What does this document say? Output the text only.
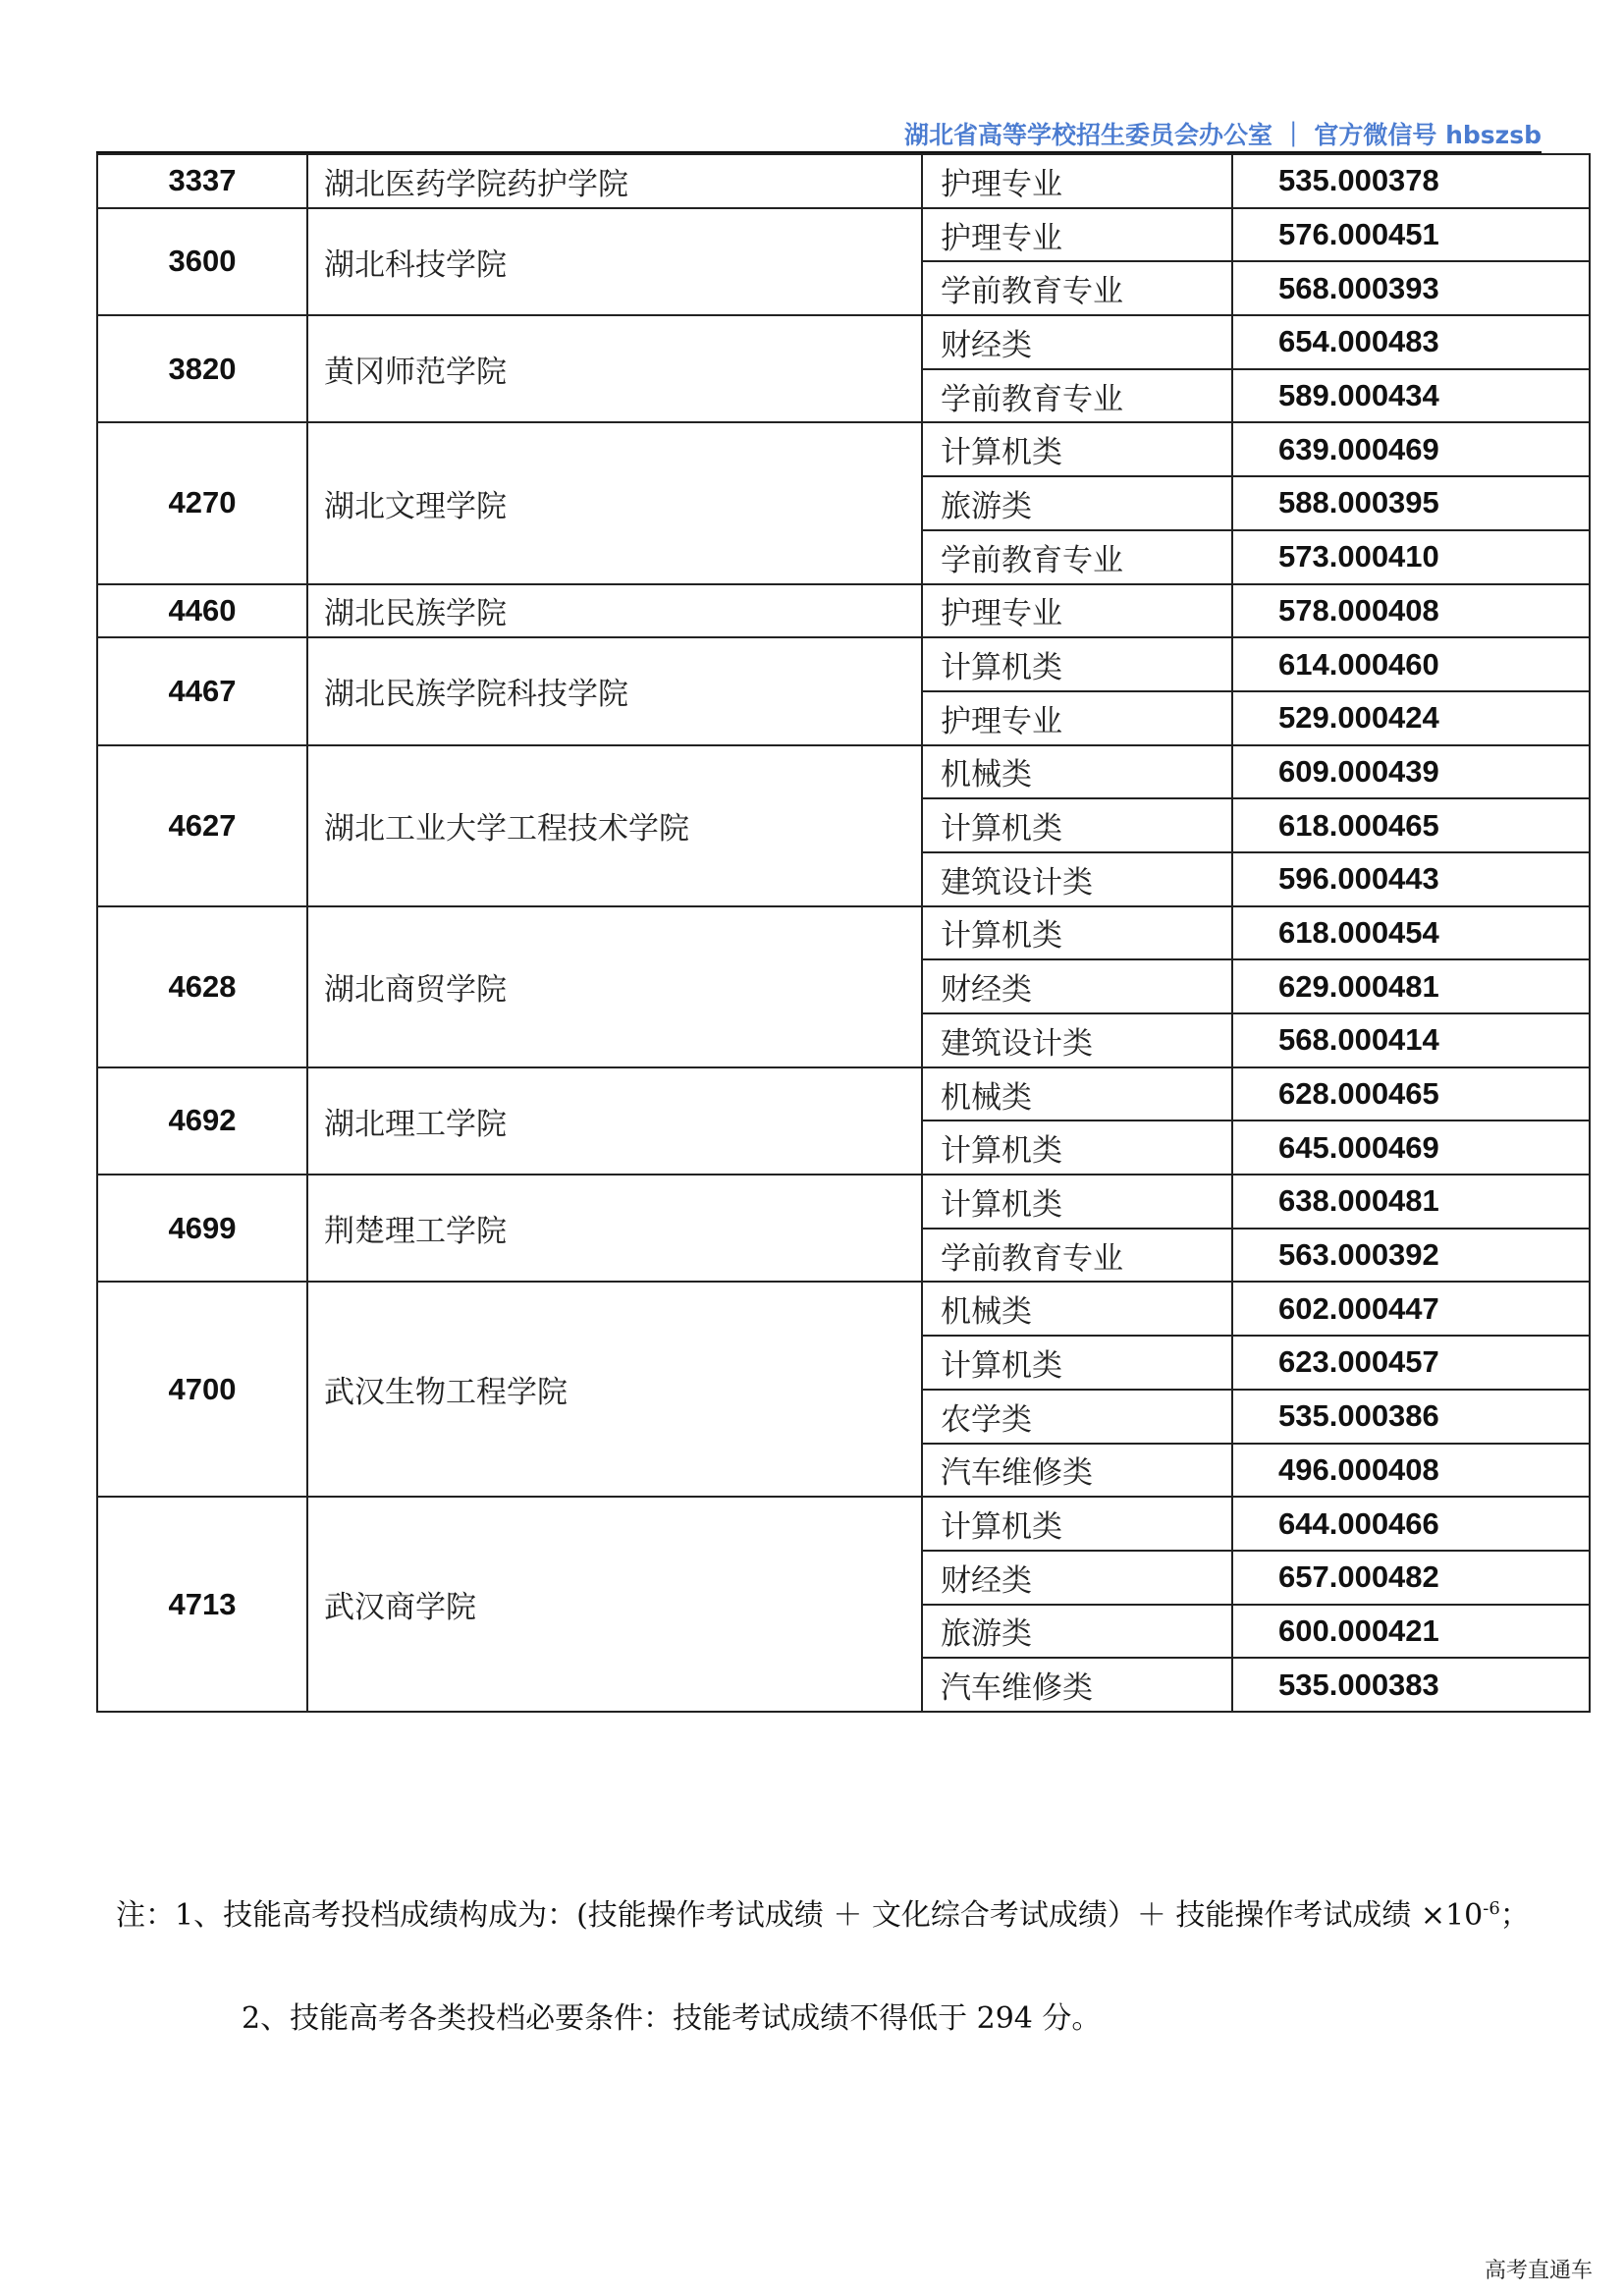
湖北省高等学校招生委员会办公室 ｜ 官方微信号 hbszsb
3337	湖北医药学院药护学院	护理专业	535.000378
3600	湖北科技学院	护理专业	576.000451
		学前教育专业	568.000393
3820	黄冈师范学院	财经类	654.000483
		学前教育专业	589.000434
4270	湖北文理学院	计算机类	639.000469
		旅游类	588.000395
		学前教育专业	573.000410
4460	湖北民族学院	护理专业	578.000408
4467	湖北民族学院科技学院	计算机类	614.000460
		护理专业	529.000424
4627	湖北工业大学工程技术学院	机械类	609.000439
		计算机类	618.000465
		建筑设计类	596.000443
4628	湖北商贸学院	计算机类	618.000454
		财经类	629.000481
		建筑设计类	568.000414
4692	湖北理工学院	机械类	628.000465
		计算机类	645.000469
4699	荆楚理工学院	计算机类	638.000481
		学前教育专业	563.000392
4700	武汉生物工程学院	机械类	602.000447
		计算机类	623.000457
		农学类	535.000386
		汽车维修类	496.000408
4713	武汉商学院	计算机类	644.000466
		财经类	657.000482
		旅游类	600.000421
		汽车维修类	535.000383
注：1、技能高考投档成绩构成为：(技能操作考试成绩 ＋ 文化综合考试成绩）＋ 技能操作考试成绩 $\times 10^{-6}$；
2、技能高考各类投档必要条件：技能考试成绩不得低于 294 分。
高考直通车
